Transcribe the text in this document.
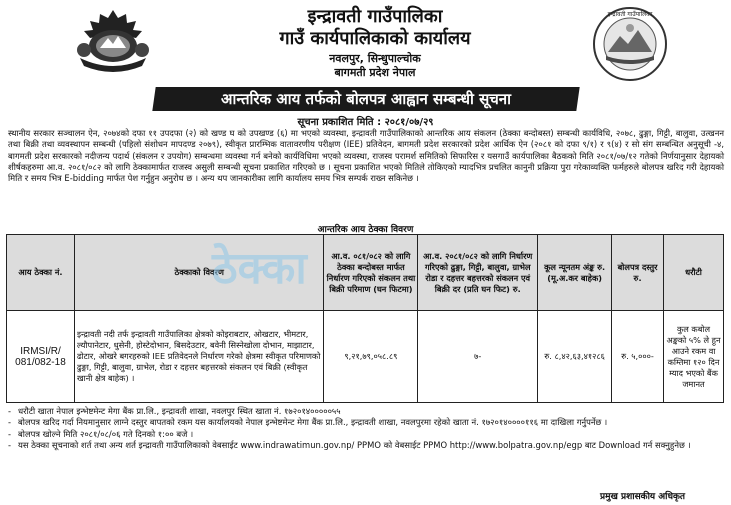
इन्द्रावती गाउँपालिका
गाउँ कार्यपालिकाको कार्यालय
नवलपुर, सिन्धुपाल्चोक
बागमती प्रदेश नेपाल
इन्द्रावती गाउँपालिका
आन्तरिक आय तर्फको बोलपत्र आह्वान सम्बन्धी सूचना
सूचना प्रकाशित मिति : २०८१/०७/२९
स्थानीय सरकार सञ्चालन ऐन, २०७४को दफा ११ उपदफा (२) को खण्ड घ को उपखण्ड (६) मा भएको व्यवस्था, इन्द्रावती गाउँपालिकाको आन्तरिक आय संकलन (ठेक्का बन्दोबस्त) सम्बन्धी कार्यविधि, २०७८, ढुङ्गा, गिट्टी, बालुवा, उत्खनन तथा बिक्री तथा व्यवस्थापन सम्बन्धी (पहिलो संशोधन मापदण्ड २०७९), स्वीकृत प्रारम्भिक वातावरणीय परीक्षण (IEE) प्रतिवेदन, बागमती प्रदेश सरकारको प्रदेश आर्थिक ऐन (२०८१ को दफा ९/१) र ९(४) र सो संग सम्बन्धित अनुसूची -४, बागमती प्रदेश सरकारको नदीजन्य पदार्थ (संकलन र उपयोग) सम्बन्धमा व्यवस्था गर्न बनेको कार्यविधिमा भएको व्यवस्था, राजस्व परामर्श समितिको सिफारिस र यसगाउँ कार्यपालिका बैठकको मिति २०८१/०७/१२ गतेको निर्णयानुसार देहायको शीर्षकहरुमा आ.व. २०८१/०८२ को लागि ठेक्कामार्फत राजस्व असुली सम्बन्धी सूचना प्रकाशित गरिएको छ । सूचना प्रकाशित भएको मितिले तोकिएको म्यादभित्र प्रचलित कानुनी प्रक्रिया पुरा गरेकाव्यक्ति फर्महरुले बोलपत्र खरिद गरी देहायको मिति र समय भित्र E-bidding मार्फत पेश गर्नुहुन अनुरोध छ । अन्य थप जानकारीका लागि कार्यालय समय भित्र सम्पर्क राख्न सकिनेछ ।
आन्तरिक आय ठेक्का विवरण
आय ठेक्का नं.	ठेक्काको विवरण	आ.व. ०८१/०८२ को लागि ठेक्का बन्दोबस्त मार्फत निर्धारण गरिएको संकलन तथा बिक्री परिमाण (घन फिटमा)	आ.व. २०८१/०८२ को लागि निर्धारण गरिएको ढुङ्गा, गिट्टी, बालुवा, ग्राभेल रोडा र दहत्तर बहत्तरको संकलन एवं बिक्री दर (प्रति घन फिट) रु.	कूल न्यूनतम अंङ्क रु. (मू.अ.कर बाहेक)	बोलपत्र दस्तुर रु.	धरौटी
IRMSI/R/ 081/082-18	इन्द्रावती नदी तर्फ इन्द्रावती गाउँपालिका क्षेत्रको कोइराबटार, ओखटार, भीमटार, ल्यौपानेटार, धुसेनी, होस्टेदोभान, बिसदेउटार, बवेनी सिस्नेखोला दोभान, माझाटार, ढोटार, ओखरे बगरहरुको IEE प्रतिवेदनले निर्धारण गरेको क्षेत्रमा स्वीकृत परिमाणको ढुङ्गा, गिट्टी, बालुवा, ग्राभेल, रोडा र दहत्तर बहत्तरको संकलन एवं बिक्री (स्वीकृत खानी क्षेत्र बाहेक) ।	९,२१,७९,०५८.८९	७-	रु. ८,४२,६३,४१२८६	रु. ५,०००-	कुल कबोल अङ्कको ५% ले हुन आउने रकम वा कम्तिमा १२० दिन म्याद भएको बैंक जमानत
ठेक्का
- धरौटी खाता नेपाल इन्भेष्टमेन्ट मेगा बैंक प्रा.लि., इन्द्रावती शाखा, नवलपुर स्थित खाता नं. १७२०१४०००००५५
- बोलपत्र खरिद गर्दा नियमानुसार लाग्ने दस्तुर बापतको रकम यस कार्यालयको नेपाल इन्भेष्टमेन्ट मेगा बैंक प्रा.लि., इन्द्रावती शाखा, नवलपुरमा रहेको खाता नं. १७२०१४००००११६ मा दाखिला गर्नुपर्नेछ ।
- बोलपत्र खोल्ने मिति २०८१/०८/०६ गते दिनको १:०० बजे ।
- यस ठेक्का सूचनाको शर्त तथा अन्य शर्त इन्द्रावती गाउँपालिकाको वेबसाईट www.indrawatimun.gov.np/ PPMO को वेबसाईट PPMO http://www.bolpatra.gov.np/egp बाट Download गर्न सक्नुहुनेछ ।
प्रमुख प्रशासकीय अधिकृत
